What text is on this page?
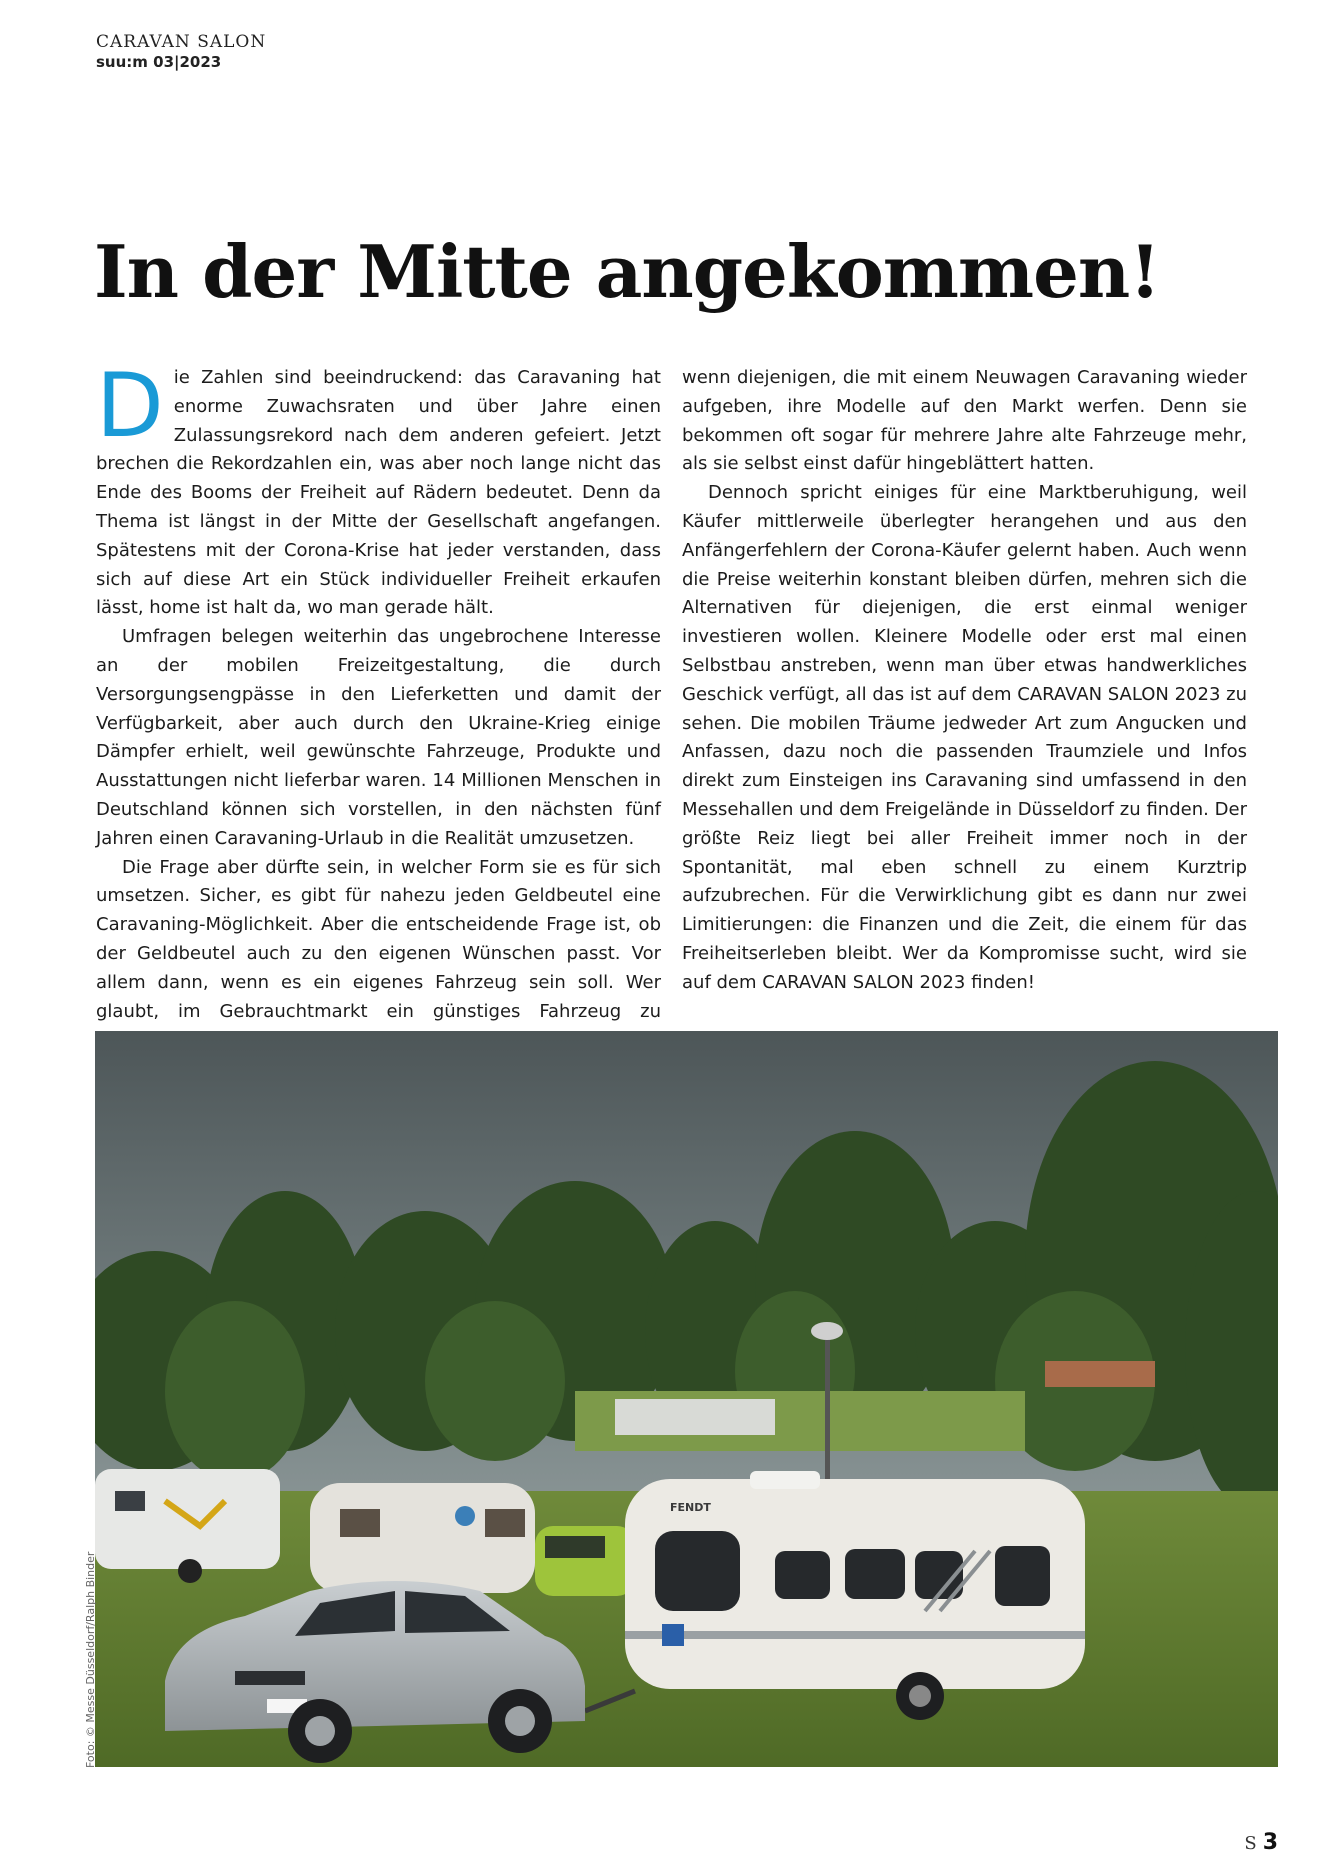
CARAVAN SALON
suu:m 03|2023
In der Mitte angekommen!

Die Zahlen sind beeindruckend: das Caravaning hat enorme Zuwachsraten und über Jahre einen Zulassungsrekord nach dem anderen gefeiert. Jetzt brechen die Rekordzahlen ein, was aber noch lange nicht das Ende des Booms der Freiheit auf Rädern bedeutet. Denn da Thema ist längst in der Mitte der Gesellschaft angefangen. Spätestens mit der Corona-Krise hat jeder verstanden, dass sich auf diese Art ein Stück individueller Freiheit erkaufen lässt, home ist halt da, wo man gerade hält.

Umfragen belegen weiterhin das ungebrochene Interesse an der mobilen Freizeitgestaltung, die durch Versorgungsengpässe in den Lieferketten und damit der Verfügbarkeit, aber auch durch den Ukraine-Krieg einige Dämpfer erhielt, weil gewünschte Fahrzeuge, Produkte und Ausstattungen nicht lieferbar waren. 14 Millionen Menschen in Deutschland können sich vorstellen, in den nächsten fünf Jahren einen Caravaning-Urlaub in die Realität umzusetzen.

Die Frage aber dürfte sein, in welcher Form sie es für sich umsetzen. Sicher, es gibt für nahezu jeden Geldbeutel eine Caravaning-Möglichkeit. Aber die entscheidende Frage ist, ob der Geldbeutel auch zu den eigenen Wünschen passt. Vor allem dann, wenn es ein eigenes Fahrzeug sein soll. Wer glaubt, im Gebrauchtmarkt ein günstiges Fahrzeug zu

wenn diejenigen, die mit einem Neuwagen Caravaning wieder aufgeben, ihre Modelle auf den Markt werfen. Denn sie bekommen oft sogar für mehrere Jahre alte Fahrzeuge mehr, als sie selbst einst dafür hingeblättert hatten.

Dennoch spricht einiges für eine Marktberuhigung, weil Käufer mittlerweile überlegter herangehen und aus den Anfängerfehlern der Corona-Käufer gelernt haben. Auch wenn die Preise weiterhin konstant bleiben dürfen, mehren sich die Alternativen für diejenigen, die erst einmal weniger investieren wollen. Kleinere Modelle oder erst mal einen Selbstbau anstreben, wenn man über etwas handwerkliches Geschick verfügt, all das ist auf dem CARAVAN SALON 2023 zu sehen. Die mobilen Träume jedweder Art zum Angucken und Anfassen, dazu noch die passenden Traumziele und Infos direkt zum Einsteigen ins Caravaning sind umfassend in den Messehallen und dem Freigelände in Düsseldorf zu finden. Der größte Reiz liegt bei aller Freiheit immer noch in der Spontanität, mal eben schnell zu einem Kurztrip aufzubrechen. Für die Verwirklichung gibt es dann nur zwei Limitierungen: die Finanzen und die Zeit, die einem für das Freiheitserleben bleibt. Wer da Kompromisse sucht, wird sie auf dem CARAVAN SALON 2023 finden!

FENDT
Foto: © Messe Düsseldorf/Ralph Binder
S 3
